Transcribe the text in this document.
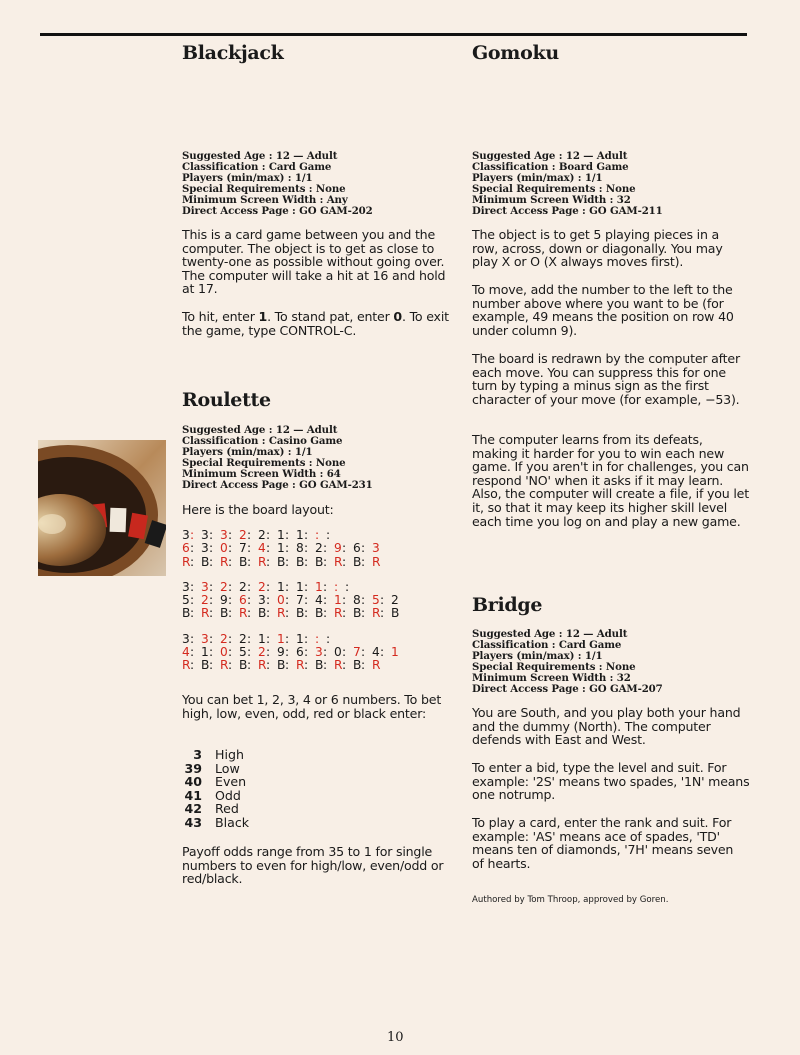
Blackjack
Suggested Age : 12 — Adult
Classification : Card Game
Players (min/max) : 1/1
Special Requirements : None
Minimum Screen Width : Any
Direct Access Page : GO GAM-202

This is a card game between you and the computer. The object is to get as close to twenty-one as possible without going over. The computer will take a hit at 16 and hold at 17.

To hit, enter 1. To stand pat, enter 0. To exit the game, type CONTROL-C.

Roulette
Suggested Age : 12 — Adult
Classification : Casino Game
Players (min/max) : 1/1
Special Requirements : None
Minimum Screen Width : 64
Direct Access Page : GO GAM-231

Here is the board layout:

3 : 3 : 3 : 2 : 2 : 1 : 1 : : :
6 : 3 : 0 : 7 : 4 : 1 : 8 : 2 : 9 : 6 : 3
R : B : R : B : R : B : B : B : R : B : R
3 : 3 : 2 : 2 : 2 : 1 : 1 : 1 : : :
5 : 2 : 9 : 6 : 3 : 0 : 7 : 4 : 1 : 8 : 5 : 2
B : R : B : R : B : R : B : B : R : B : R : B
3 : 3 : 2 : 2 : 1 : 1 : 1 : : :
4 : 1 : 0 : 5 : 2 : 9 : 6 : 3 : 0 : 7 : 4 : 1
R : B : R : B : R : B : R : B : R : B : R

You can bet 1, 2, 3, 4 or 6 numbers. To bet high, low, even, odd, red or black enter:

3 High
39 Low
40 Even
41 Odd
42 Red
43 Black

Payoff odds range from 35 to 1 for single numbers to even for high/low, even/odd or red/black.

Gomoku
Suggested Age : 12 — Adult
Classification : Board Game
Players (min/max) : 1/1
Special Requirements : None
Minimum Screen Width : 32
Direct Access Page : GO GAM-211

The object is to get 5 playing pieces in a row, across, down or diagonally. You may play X or O (X always moves first).

To move, add the number to the left to the number above where you want to be (for example, 49 means the position on row 40 under column 9).

The board is redrawn by the computer after each move. You can suppress this for one turn by typing a minus sign as the first character of your move (for example, −53).

The computer learns from its defeats, making it harder for you to win each new game. If you aren't in for challenges, you can respond 'NO' when it asks if it may learn. Also, the computer will create a file, if you let it, so that it may keep its higher skill level each time you log on and play a new game.

Bridge
Suggested Age : 12 — Adult
Classification : Card Game
Players (min/max) : 1/1
Special Requirements : None
Minimum Screen Width : 32
Direct Access Page : GO GAM-207

You are South, and you play both your hand and the dummy (North). The computer defends with East and West.

To enter a bid, type the level and suit. For example: '2S' means two spades, '1N' means one notrump.

To play a card, enter the rank and suit. For example: 'AS' means ace of spades, 'TD' means ten of diamonds, '7H' means seven of hearts.

Authored by Tom Throop, approved by Goren.
10
